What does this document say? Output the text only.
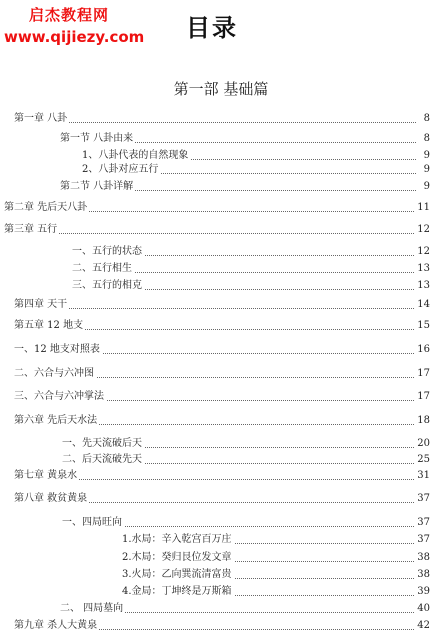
启杰教程网
www.qijiezy.com 目录
第一部 基础篇
第一章 八卦	8
第一节 八卦由来	8
1、八卦代表的自然现象	9
2、八卦对应五行	9
第二节 八卦详解	9
第二章 先后天八卦	11
第三章 五行	12
一、五行的状态	12
二、五行相生	13
三、五行的相克	13
第四章 天干	14
第五章 12 地支	15
一、12 地支对照表	16
二、六合与六冲图	17
三、六合与六冲掌法	17
第六章 先后天水法	18
一、先天流破后天	20
二、后天流破先天	25
第七章 黄泉水	31
第八章 救贫黄泉	37
一、四局旺向	37
1.水局：辛入乾宫百万庄	37
2.木局：癸归艮位发文章	38
3.火局：乙向巽流清富贵	38
4.金局：丁坤终是万斯箱	39
二、 四局墓向	40
第九章 杀人大黄泉	42
